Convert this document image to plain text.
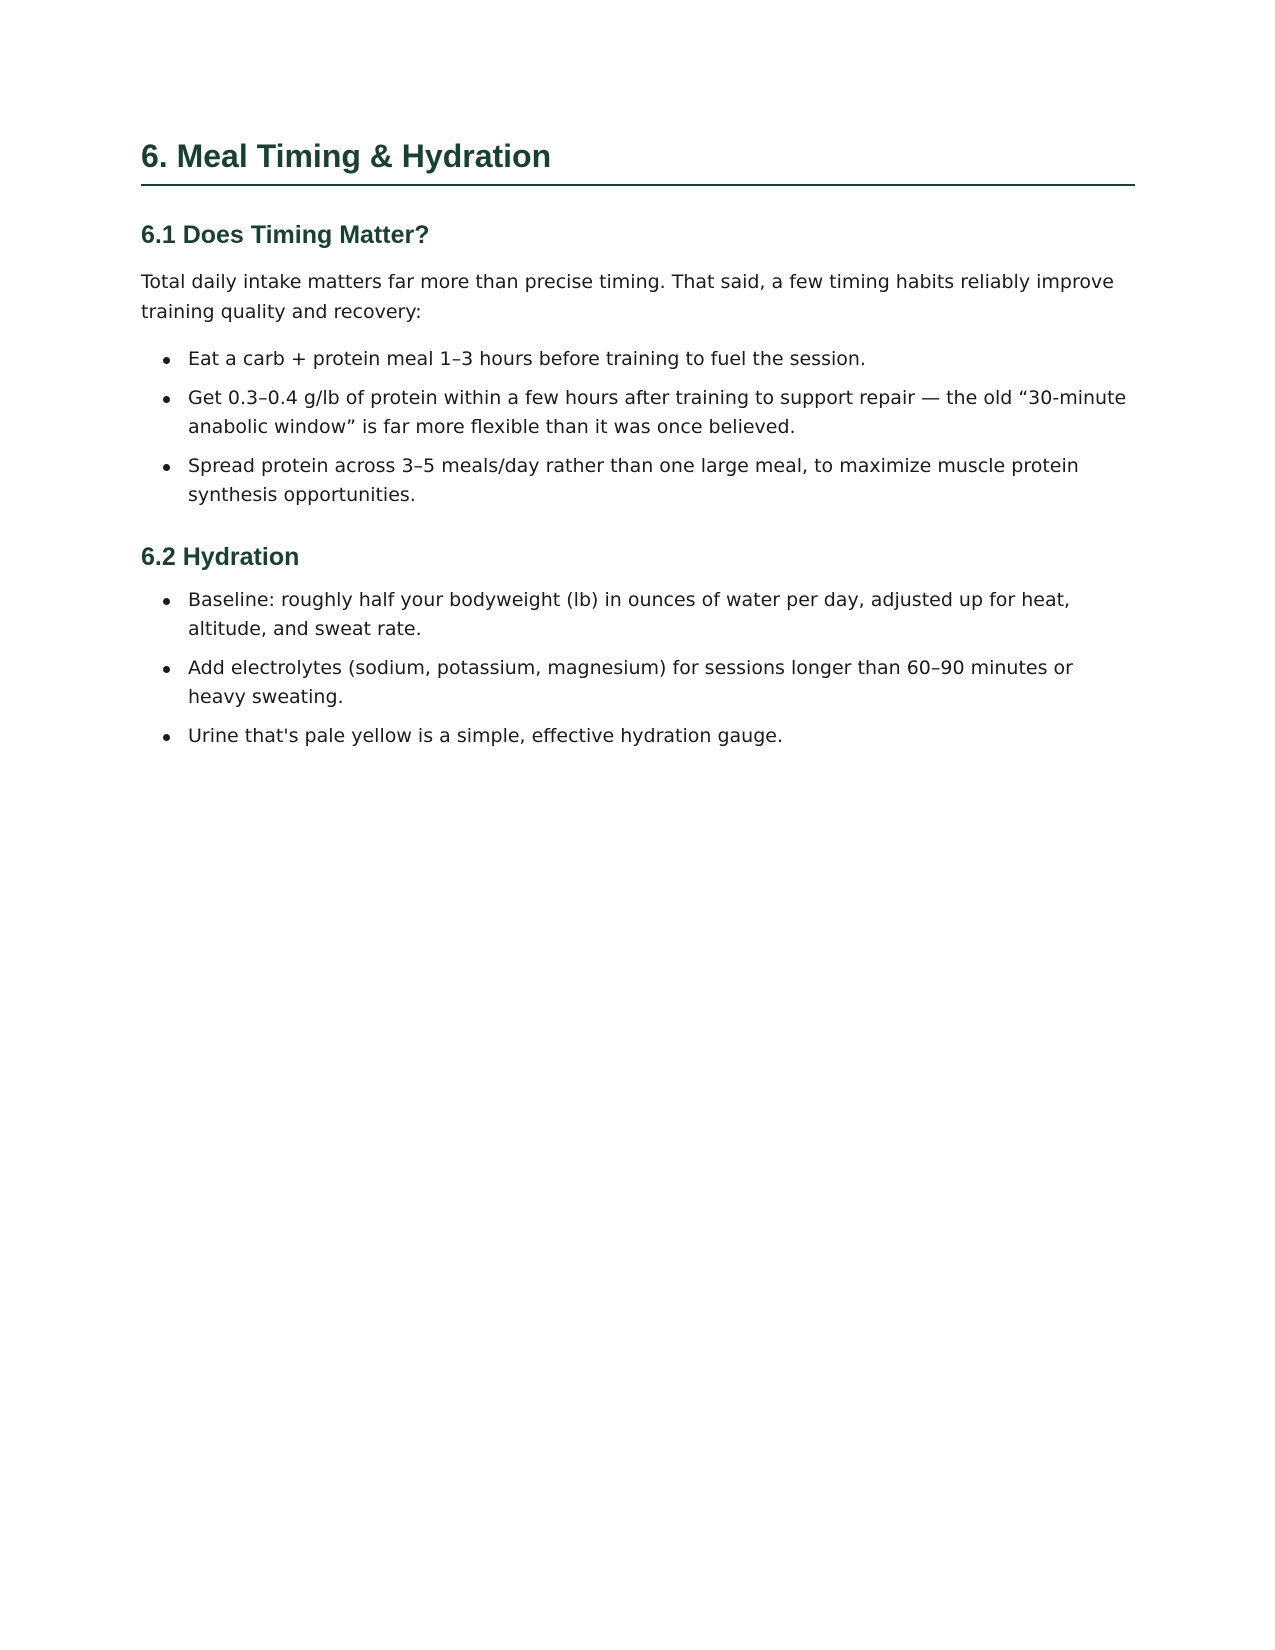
6. Meal Timing & Hydration
6.1 Does Timing Matter?

Total daily intake matters far more than precise timing. That said, a few timing habits reliably improve training quality and recovery:

Eat a carb + protein meal 1–3 hours before training to fuel the session.
Get 0.3–0.4 g/lb of protein within a few hours after training to support repair — the old “30-minute anabolic window” is far more flexible than it was once believed.
Spread protein across 3–5 meals/day rather than one large meal, to maximize muscle protein synthesis opportunities.
6.2 Hydration
Baseline: roughly half your bodyweight (lb) in ounces of water per day, adjusted up for heat, altitude, and sweat rate.
Add electrolytes (sodium, potassium, magnesium) for sessions longer than 60–90 minutes or heavy sweating.
Urine that's pale yellow is a simple, effective hydration gauge.
